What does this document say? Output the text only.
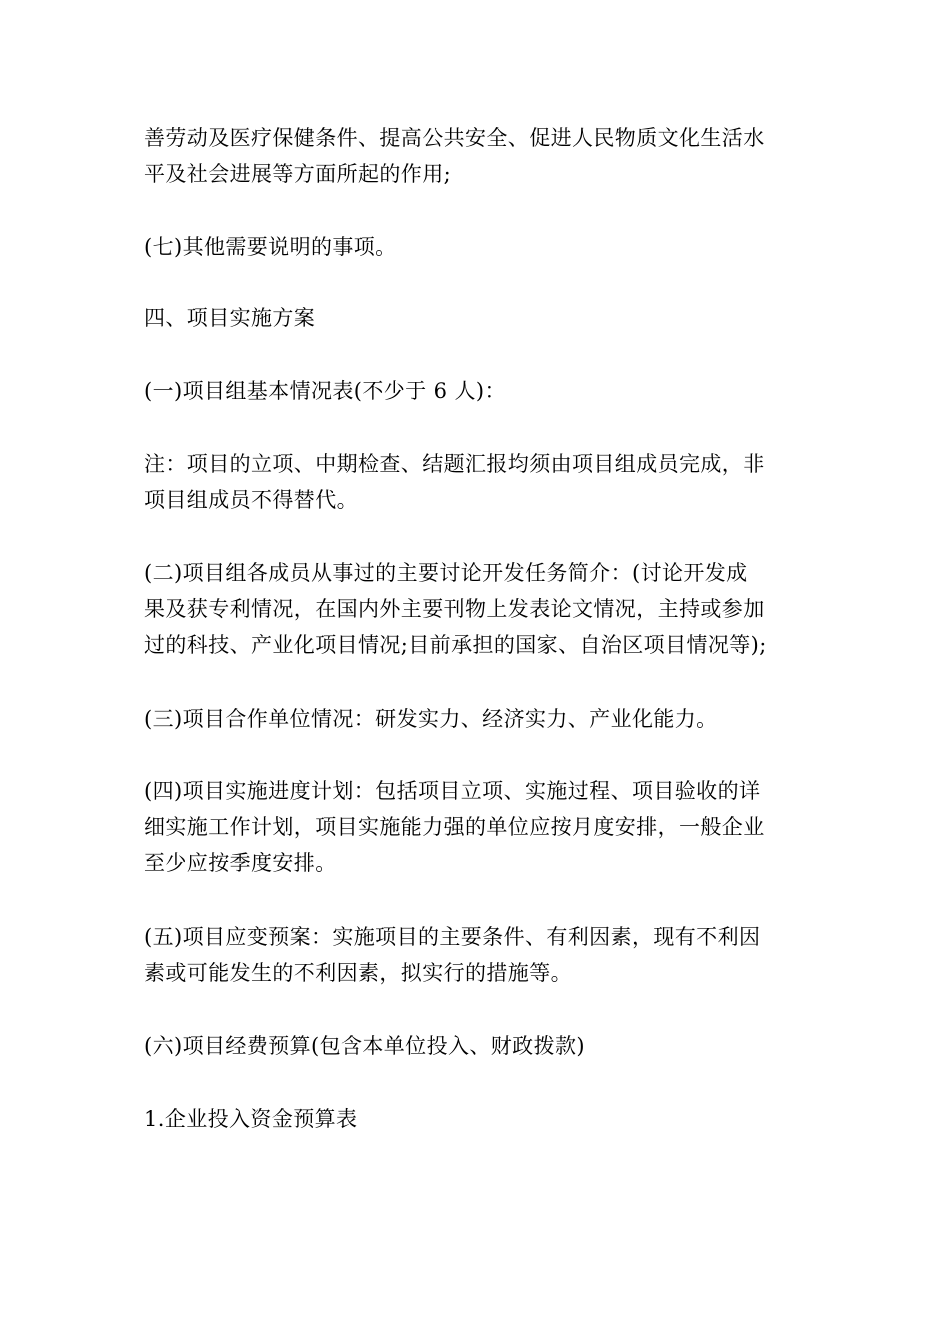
善劳动及医疗保健条件、提高公共安全、促进人民物质文化生活水
平及社会进展等方面所起的作用;
(七)其他需要说明的事项。
四、项目实施方案
(一)项目组基本情况表(不少于 6 人)：
注：项目的立项、中期检查、结题汇报均须由项目组成员完成，非
项目组成员不得替代。
(二)项目组各成员从事过的主要讨论开发任务简介：(讨论开发成
果及获专利情况，在国内外主要刊物上发表论文情况，主持或参加
过的科技、产业化项目情况;目前承担的国家、自治区项目情况等);
(三)项目合作单位情况：研发实力、经济实力、产业化能力。
(四)项目实施进度计划：包括项目立项、实施过程、项目验收的详
细实施工作计划，项目实施能力强的单位应按月度安排，一般企业
至少应按季度安排。
(五)项目应变预案：实施项目的主要条件、有利因素，现有不利因
素或可能发生的不利因素，拟实行的措施等。
(六)项目经费预算(包含本单位投入、财政拨款)
1.企业投入资金预算表
